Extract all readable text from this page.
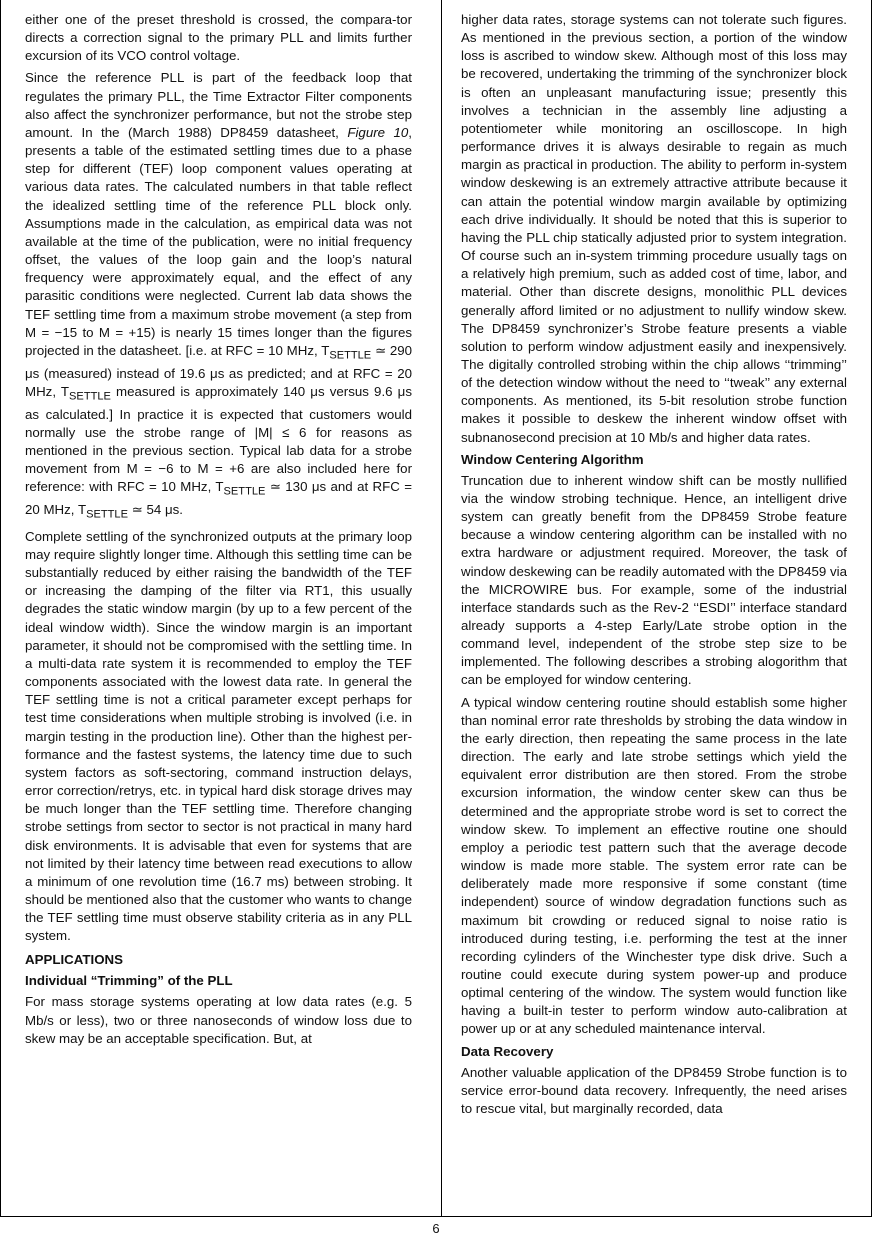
either one of the preset threshold is crossed, the compara-tor directs a correction signal to the primary PLL and limits further excursion of its VCO control voltage.

Since the reference PLL is part of the feedback loop that regulates the primary PLL, the Time Extractor Filter components also affect the synchronizer performance, but not the strobe step amount. In the (March 1988) DP8459 datasheet, Figure 10, presents a table of the estimated settling times due to a phase step for different (TEF) loop component values operating at various data rates. The calculated numbers in that table reflect the idealized settling time of the reference PLL block only. Assumptions made in the calculation, as empirical data was not available at the time of the publication, were no initial frequency offset, the values of the loop gain and the loop’s natural frequency were approximately equal, and the effect of any parasitic conditions were neglected. Current lab data shows the TEF settling time from a maximum strobe movement (a step from M = −15 to M = +15) is nearly 15 times longer than the figures projected in the datasheet. [i.e. at RFC = 10 MHz, $T_{SETTLE}$ ≃ 290 μs (measured) instead of 19.6 μs as predicted; and at RFC = 20 MHz, $T_{SETTLE}$ measured is approximately 140 μs versus 9.6 μs as calculated.] In practice it is expected that customers would normally use the strobe range of |M| ≤ 6 for reasons as mentioned in the previous section. Typical lab data for a strobe movement from M = −6 to M = +6 are also included here for reference: with RFC = 10 MHz, $T_{SETTLE}$ ≃ 130 μs and at RFC = 20 MHz, $T_{SETTLE}$ ≃ 54 μs.

Complete settling of the synchronized outputs at the primary loop may require slightly longer time. Although this settling time can be substantially reduced by either raising the bandwidth of the TEF or increasing the damping of the filter via RT1, this usually degrades the static window margin (by up to a few percent of the ideal window width). Since the window margin is an important parameter, it should not be compromised with the settling time. In a multi-data rate system it is recommended to employ the TEF components associated with the lowest data rate. In general the TEF settling time is not a critical parameter except perhaps for test time considerations when multiple strobing is involved (i.e. in margin testing in the production line). Other than the highest performance and the fastest systems, the latency time due to such system factors as soft-sectoring, command instruction delays, error correction/retrys, etc. in typical hard disk storage drives may be much longer than the TEF settling time. Therefore changing strobe settings from sector to sector is not practical in many hard disk environments. It is advisable that even for systems that are not limited by their latency time between read executions to allow a minimum of one revolution time (16.7 ms) between strobing. It should be mentioned also that the customer who wants to change the TEF settling time must observe stability criteria as in any PLL system.

APPLICATIONS
Individual “Trimming” of the PLL

For mass storage systems operating at low data rates (e.g. 5 Mb/s or less), two or three nanoseconds of window loss due to skew may be an acceptable specification. But, at

higher data rates, storage systems can not tolerate such figures. As mentioned in the previous section, a portion of the window loss is ascribed to window skew. Although most of this loss may be recovered, undertaking the trimming of the synchronizer block is often an unpleasant manufacturing issue; presently this involves a technician in the assembly line adjusting a potentiometer while monitoring an oscilloscope. In high performance drives it is always desirable to regain as much margin as practical in production. The ability to perform in-system window deskewing is an extremely attractive attribute because it can attain the potential window margin available by optimizing each drive individually. It should be noted that this is superior to having the PLL chip statically adjusted prior to system integration. Of course such an in-system trimming procedure usually tags on a relatively high premium, such as added cost of time, labor, and material. Other than discrete designs, monolithic PLL devices generally afford limited or no adjustment to nullify window skew. The DP8459 synchronizer’s Strobe feature presents a viable solution to perform window adjustment easily and inexpensively. The digitally controlled strobing within the chip allows ‘‘trimming’’ of the detection window without the need to ‘‘tweak’’ any external components. As mentioned, its 5-bit resolution strobe function makes it possible to deskew the inherent window offset with subnanosecond precision at 10 Mb/s and higher data rates.

Window Centering Algorithm

Truncation due to inherent window shift can be mostly nullified via the window strobing technique. Hence, an intelligent drive system can greatly benefit from the DP8459 Strobe feature because a window centering algorithm can be installed with no extra hardware or adjustment required. Moreover, the task of window deskewing can be readily automated with the DP8459 via the MICROWIRE bus. For example, some of the industrial interface standards such as the Rev-2 ‘‘ESDI’’ interface standard already supports a 4-step Early/Late strobe option in the command level, independent of the strobe step size to be implemented. The following describes a strobing alogorithm that can be employed for window centering.

A typical window centering routine should establish some higher than nominal error rate thresholds by strobing the data window in the early direction, then repeating the same process in the late direction. The early and late strobe settings which yield the equivalent error distribution are then stored. From the strobe excursion information, the window center skew can thus be determined and the appropriate strobe word is set to correct the window skew. To implement an effective routine one should employ a periodic test pattern such that the average decode window is made more stable. The system error rate can be deliberately made more responsive if some constant (time independent) source of window degradation functions such as maximum bit crowding or reduced signal to noise ratio is introduced during testing, i.e. performing the test at the inner recording cylinders of the Winchester type disk drive. Such a routine could execute during system power-up and produce optimal centering of the window. The system would function like having a built-in tester to perform window auto-calibration at power up or at any scheduled maintenance interval.

Data Recovery

Another valuable application of the DP8459 Strobe function is to service error-bound data recovery. Infrequently, the need arises to rescue vital, but marginally recorded, data

6
